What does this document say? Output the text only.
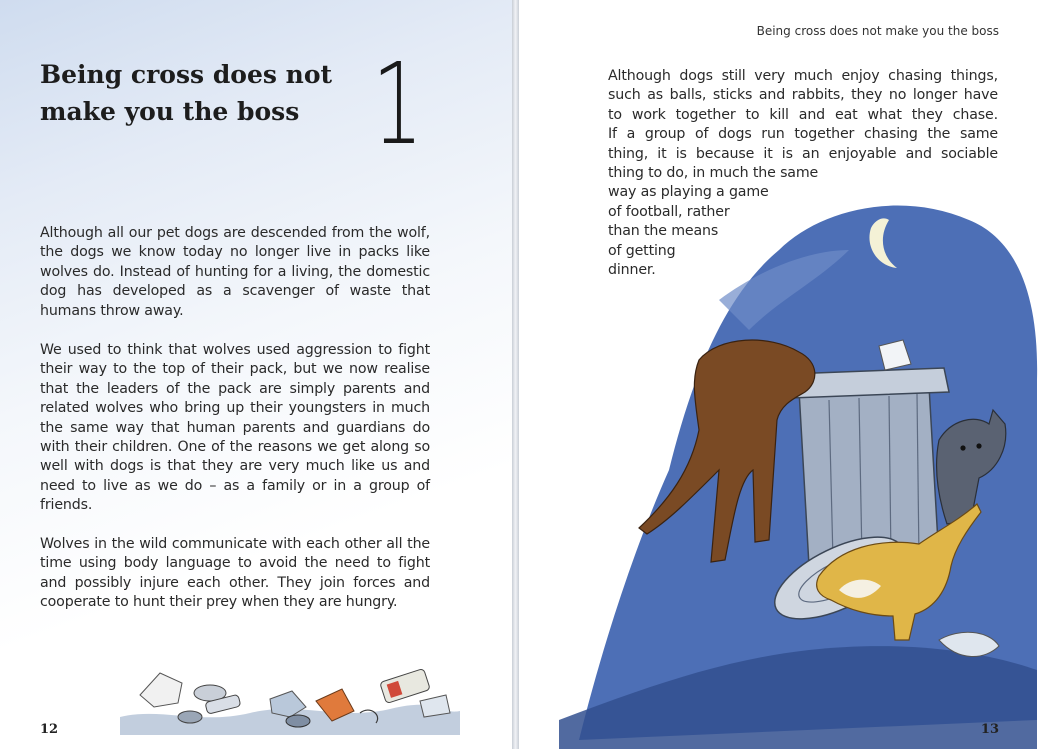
Being cross does not make you the boss 1

Although all our pet dogs are descended from the wolf, the dogs we know today no longer live in packs like wolves do. Instead of hunting for a living, the domestic dog has developed as a scavenger of waste that humans throw away.

We used to think that wolves used aggression to fight their way to the top of their pack, but we now realise that the leaders of the pack are simply parents and related wolves who bring up their youngsters in much the same way that human parents and guardians do with their children. One of the reasons we get along so well with dogs is that they are very much like us and need to live as we do – as a family or in a group of friends.

Wolves in the wild communicate with each other all the time using body language to avoid the need to fight and possibly injure each other. They join forces and cooperate to hunt their prey when they are hungry.

12
Being cross does not make you the boss

Although dogs still very much enjoy chasing things,
such as balls, sticks and rabbits, they no longer have
to work together to kill and eat what they chase.
If a group of dogs run together chasing the same
thing, it is because it is an enjoyable and sociable
thing to do, in much the same
way as playing a game
of football, rather
than the means
of getting
dinner.

13
